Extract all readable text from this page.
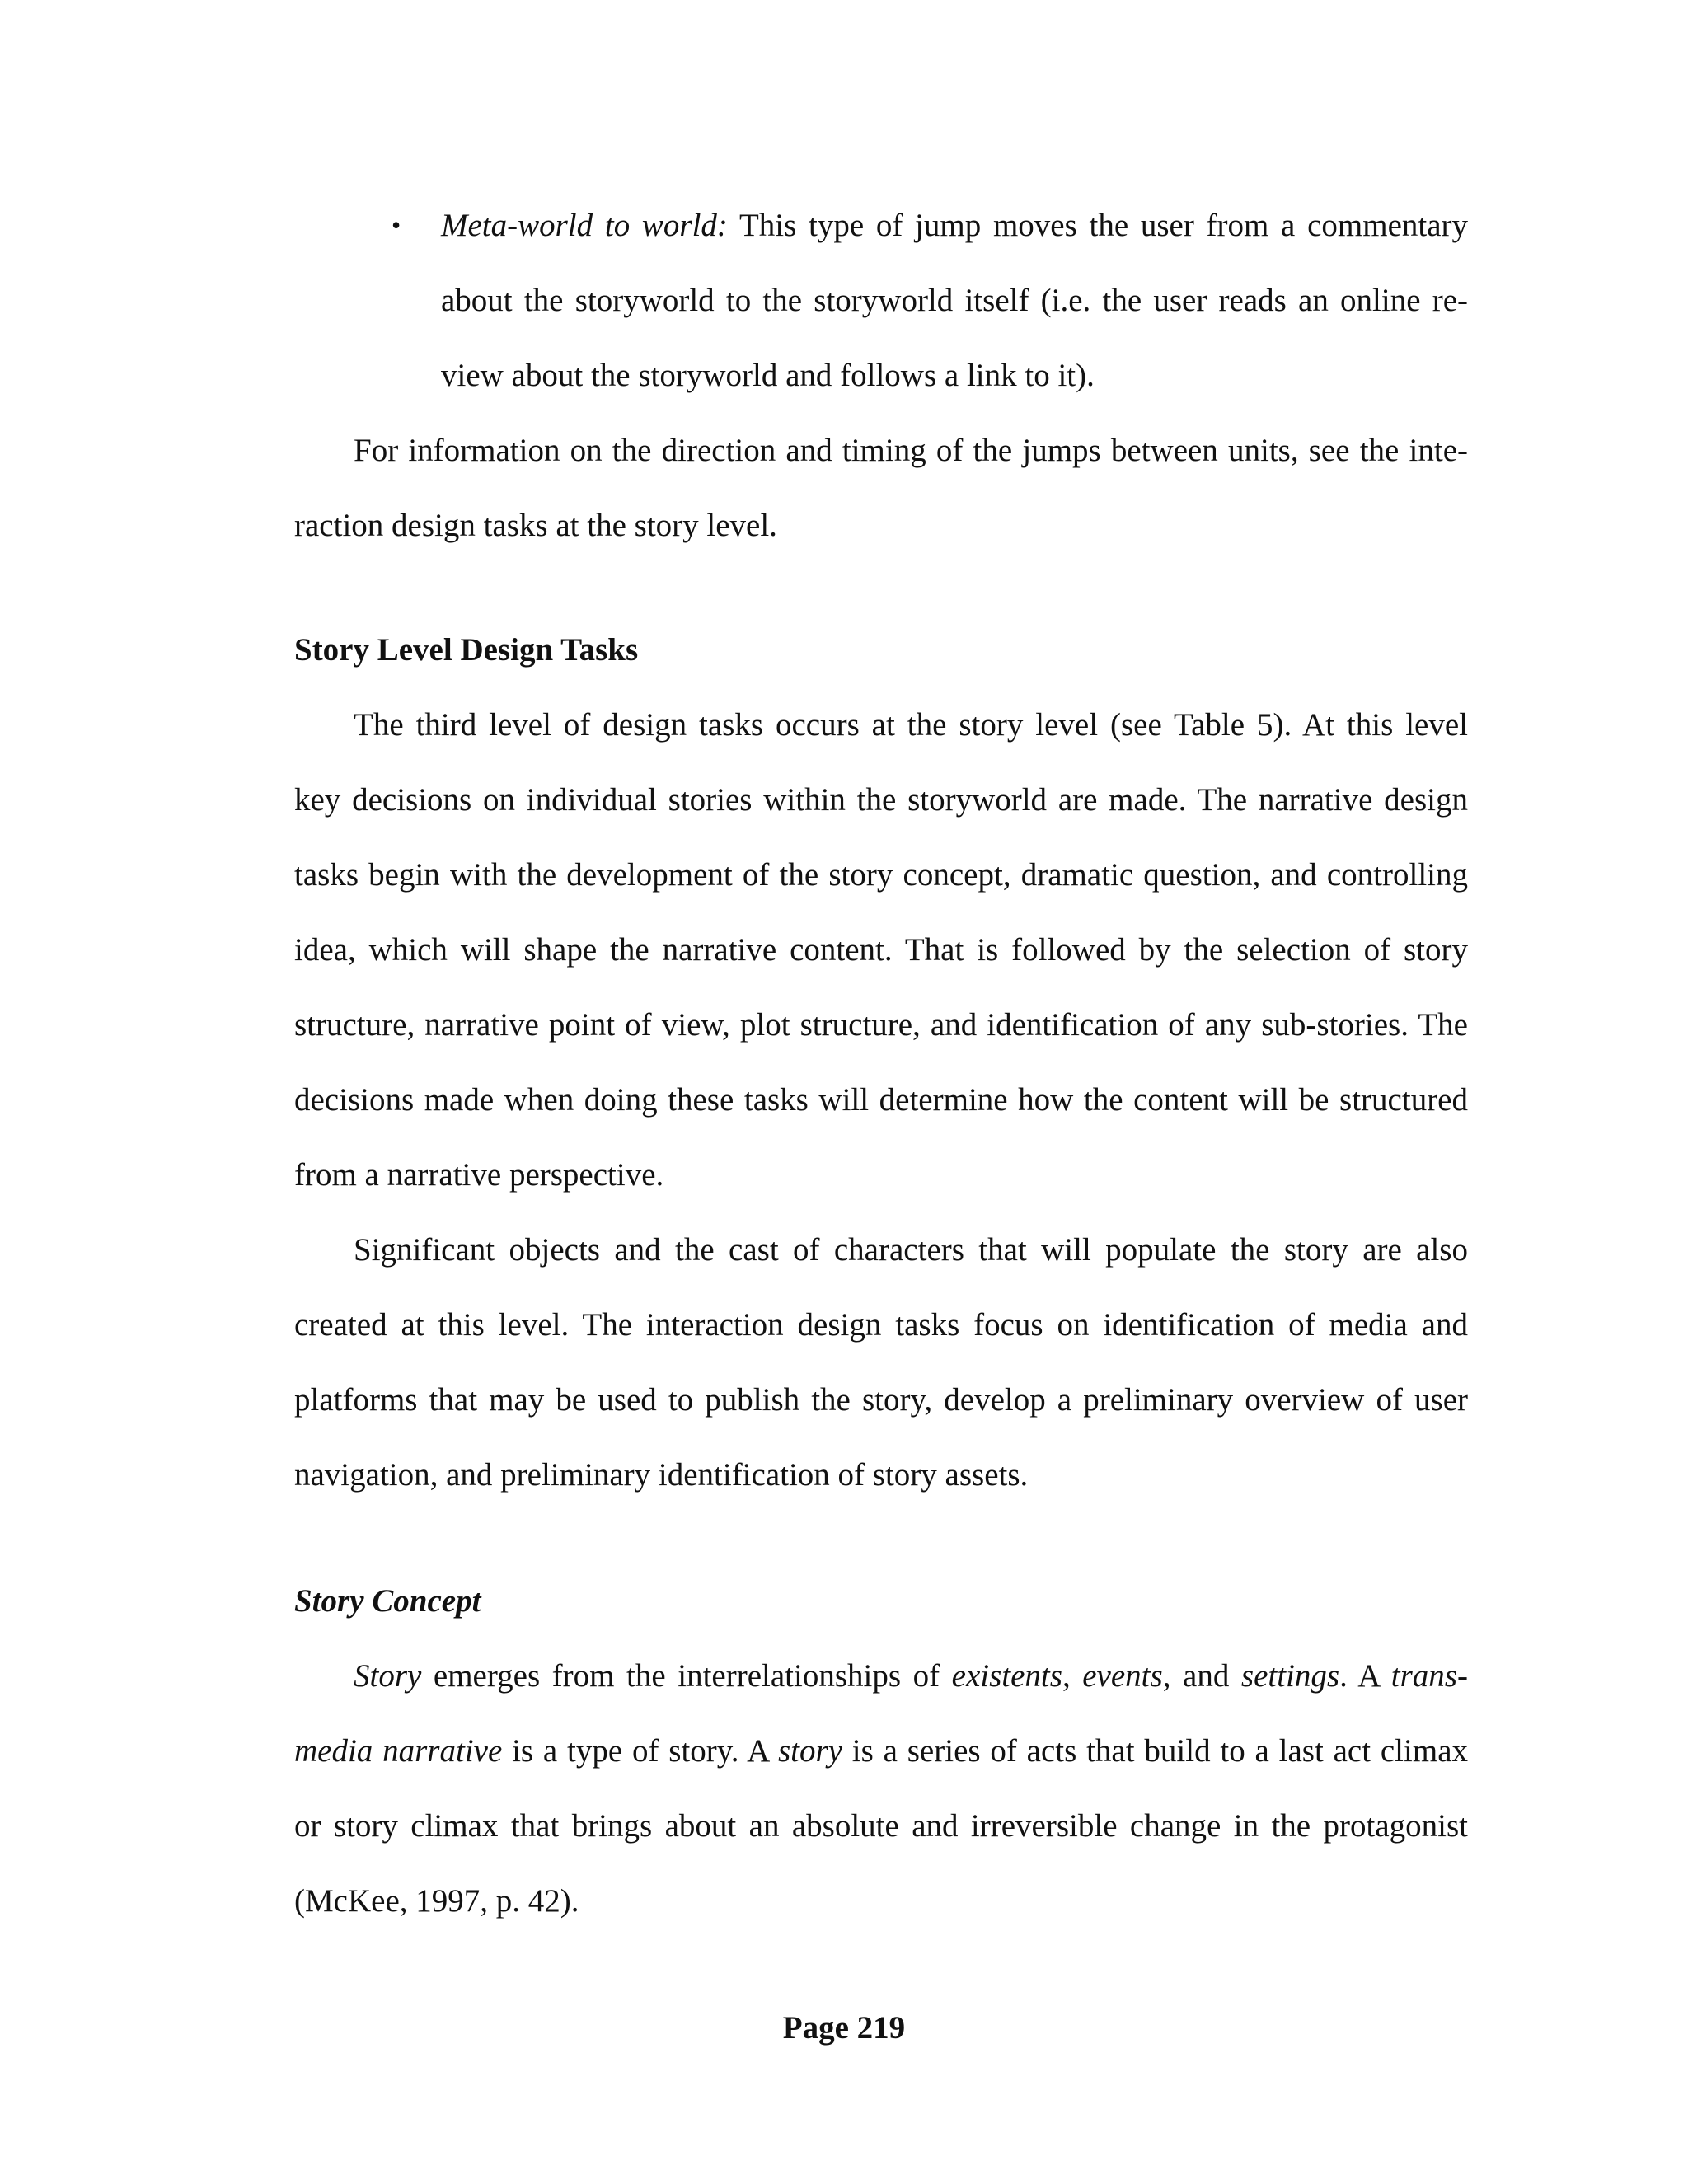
• Meta-world to world: This type of jump moves the user from a commentary
about the storyworld to the storyworld itself (i.e. the user reads an online re-
view about the storyworld and follows a link to it).
For information on the direction and timing of the jumps between units, see the inte-
raction design tasks at the story level.
Story Level Design Tasks
The third level of design tasks occurs at the story level (see Table 5). At this level
key decisions on individual stories within the storyworld are made. The narrative design
tasks begin with the development of the story concept, dramatic question, and controlling
idea, which will shape the narrative content. That is followed by the selection of story
structure, narrative point of view, plot structure, and identification of any sub-stories. The
decisions made when doing these tasks will determine how the content will be structured
from a narrative perspective.
Significant objects and the cast of characters that will populate the story are also
created at this level. The interaction design tasks focus on identification of media and
platforms that may be used to publish the story, develop a preliminary overview of user
navigation, and preliminary identification of story assets.
Story Concept
Story emerges from the interrelationships of existents, events, and settings. A trans-
media narrative is a type of story. A story is a series of acts that build to a last act climax
or story climax that brings about an absolute and irreversible change in the protagonist
(McKee, 1997, p. 42).
Page 219
